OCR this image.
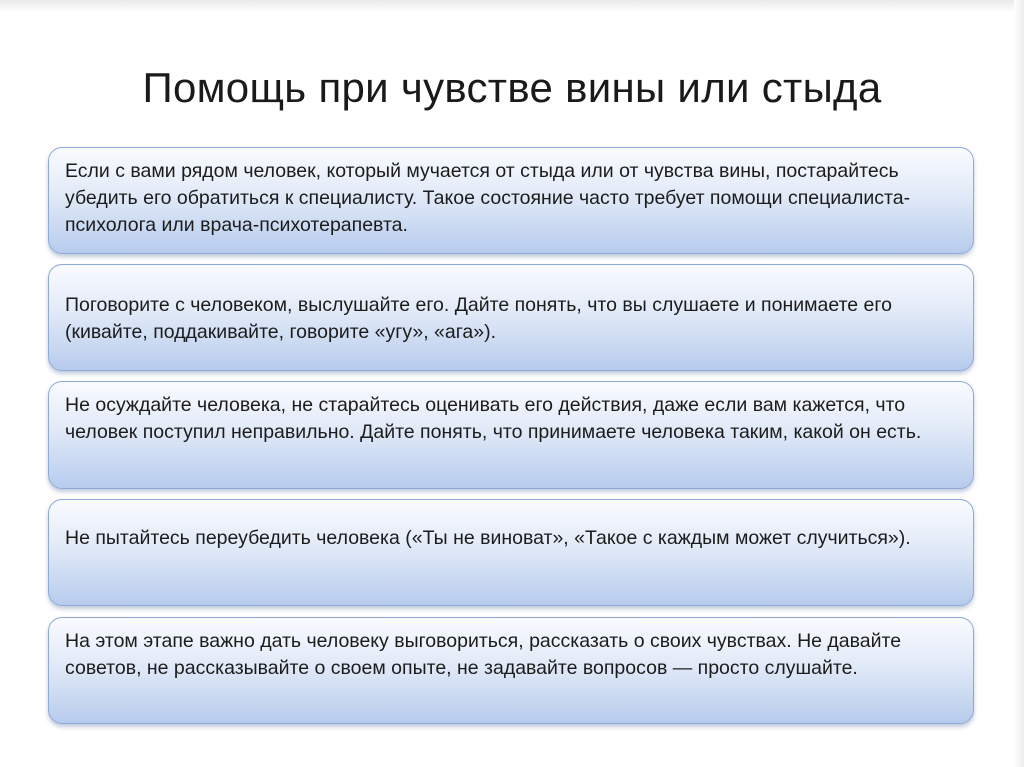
Помощь при чувстве вины или стыда
Если с вами рядом человек, который мучается от стыда или от чувства вины, постарайтесь убедить его обратиться к специалисту. Такое состояние часто требует помощи специалиста-психолога или врача-психотерапевта.
Поговорите с человеком, выслушайте его. Дайте понять, что вы слушаете и понимаете его (кивайте, поддакивайте, говорите «угу», «ага»).
Не осуждайте человека, не старайтесь оценивать его действия, даже если вам кажется, что человек поступил неправильно. Дайте понять, что принимаете человека таким, какой он есть.
Не пытайтесь переубедить человека («Ты не виноват», «Такое с каждым может случиться»).
На этом этапе важно дать человеку выговориться, рассказать о своих чувствах. Не давайте советов, не рассказывайте о своем опыте, не задавайте вопросов — просто слушайте.
